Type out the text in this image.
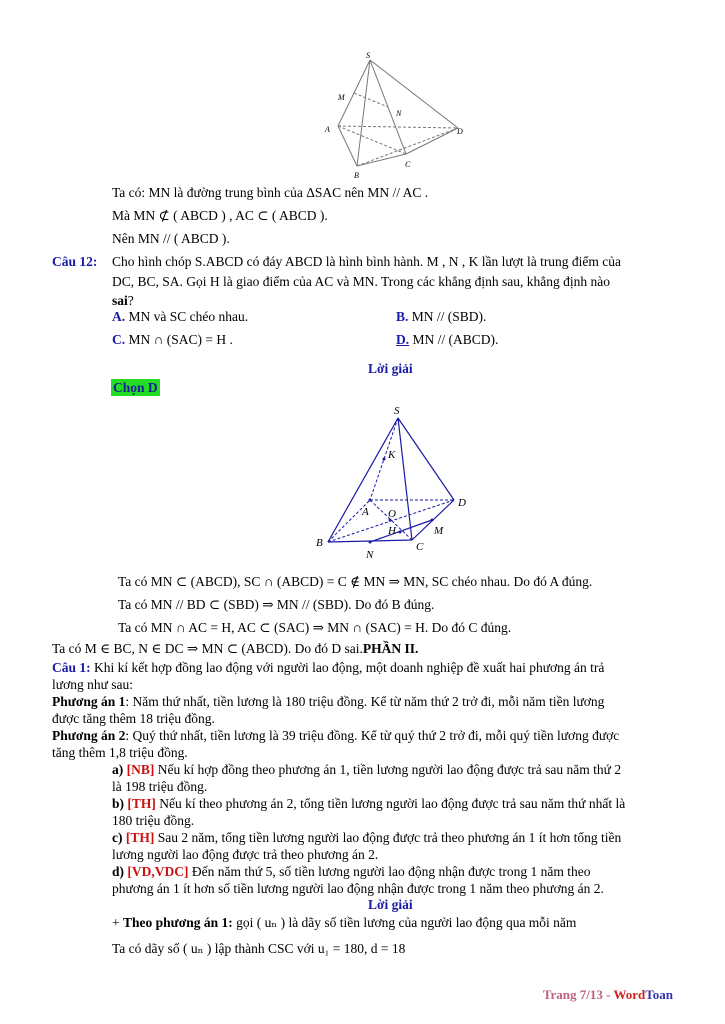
S
M
N
A
B
C
D
Ta có: MN là đường trung bình của ΔSAC nên MN // AC .
Mà MN ⊄ ( ABCD ) , AC ⊂ ( ABCD ).
Nên MN // ( ABCD ).
Câu 12: Cho hình chóp S.ABCD có đáy ABCD là hình bình hành. M , N , K lần lượt là trung điểm của
DC, BC, SA. Gọi H là giao điểm của AC và MN. Trong các khẳng định sau, khẳng định nào
sai?
A. MN và SC chéo nhau.	B. MN // (SBD).
C. MN ∩ (SAC) = H .	D. MN // (ABCD).
Lời giải
Chọn D
S
K
A O
H
D
M
B	C
N
Ta có MN ⊂ (ABCD), SC ∩ (ABCD) = C ∉ MN ⇒ MN, SC chéo nhau. Do đó A đúng.
Ta có MN // BD ⊂ (SBD) ⇒ MN // (SBD). Do đó B đúng.
Ta có MN ∩ AC = H, AC ⊂ (SAC) ⇒ MN ∩ (SAC) = H. Do đó C đúng.
Ta có M ∈ BC, N ∈ DC ⇒ MN ⊂ (ABCD). Do đó D sai.PHẦN II.
Câu 1: Khi kí kết hợp đồng lao động với người lao động, một doanh nghiệp đề xuất hai phương án trả
lương như sau:
Phương án 1: Năm thứ nhất, tiền lương là 180 triệu đồng. Kể từ năm thứ 2 trở đi, mỗi năm tiền lương
được tăng thêm 18 triệu đồng.
Phương án 2: Quý thứ nhất, tiền lương là 39 triệu đồng. Kể từ quý thứ 2 trở đi, mỗi quý tiền lương được
tăng thêm 1,8 triệu đồng.
a) [NB] Nếu kí hợp đồng theo phương án 1, tiền lương người lao động được trả sau năm thứ 2
là 198 triệu đồng.
b) [TH] Nếu kí theo phương án 2, tổng tiền lương người lao động được trả sau năm thứ nhất là
180 triệu đồng.
c) [TH] Sau 2 năm, tổng tiền lương người lao động được trả theo phương án 1 ít hơn tổng tiền
lương người lao động được trả theo phương án 2.
d) [VD,VDC] Đến năm thứ 5, số tiền lương người lao động nhận được trong 1 năm theo
phương án 1 ít hơn số tiền lương người lao động nhận được trong 1 năm theo phương án 2.
Lời giải
+ Theo phương án 1: gọi ( uₙ ) là dãy số tiền lương của người lao động qua mỗi năm
Ta có dãy số ( uₙ ) lập thành CSC với u₁ = 180, d = 18
Trang 7/13 - WordToan
